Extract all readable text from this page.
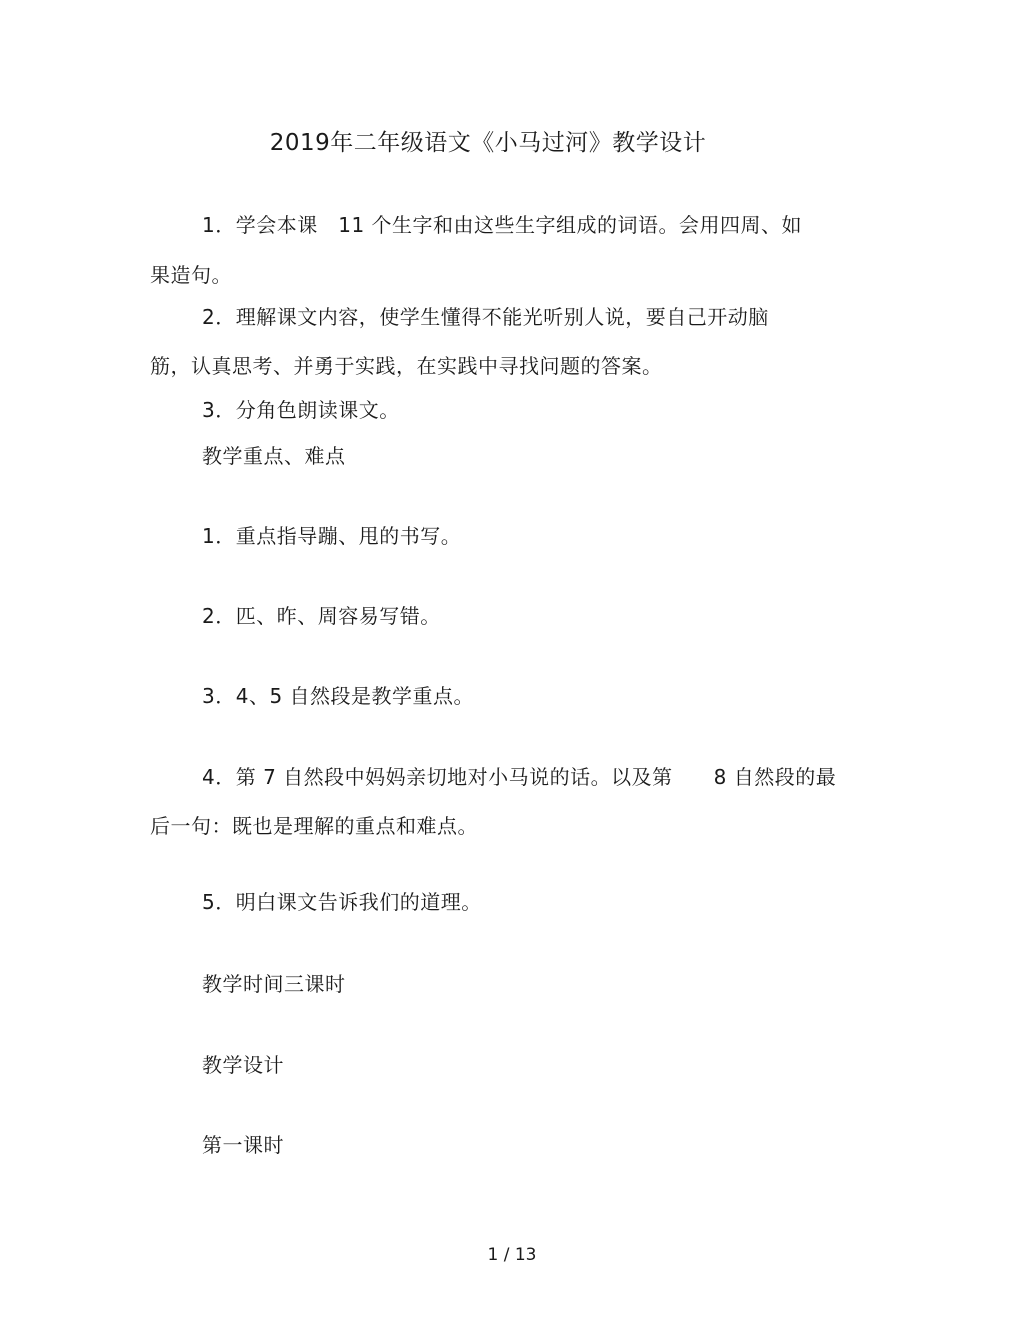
2019年二年级语文《小马过河》教学设计
1．学会本课　11 个生字和由这些生字组成的词语。会用四周、如
果造句。
2．理解课文内容，使学生懂得不能光听别人说，要自己开动脑
筋，认真思考、并勇于实践，在实践中寻找问题的答案。
3．分角色朗读课文。
教学重点、难点
1．重点指导蹦、甩的书写。
2．匹、昨、周容易写错。
3．4、5 自然段是教学重点。
4．第 7 自然段中妈妈亲切地对小马说的话。以及第　　8 自然段的最
后一句：既也是理解的重点和难点。
5．明白课文告诉我们的道理。
教学时间三课时
教学设计
第一课时
1 / 13
